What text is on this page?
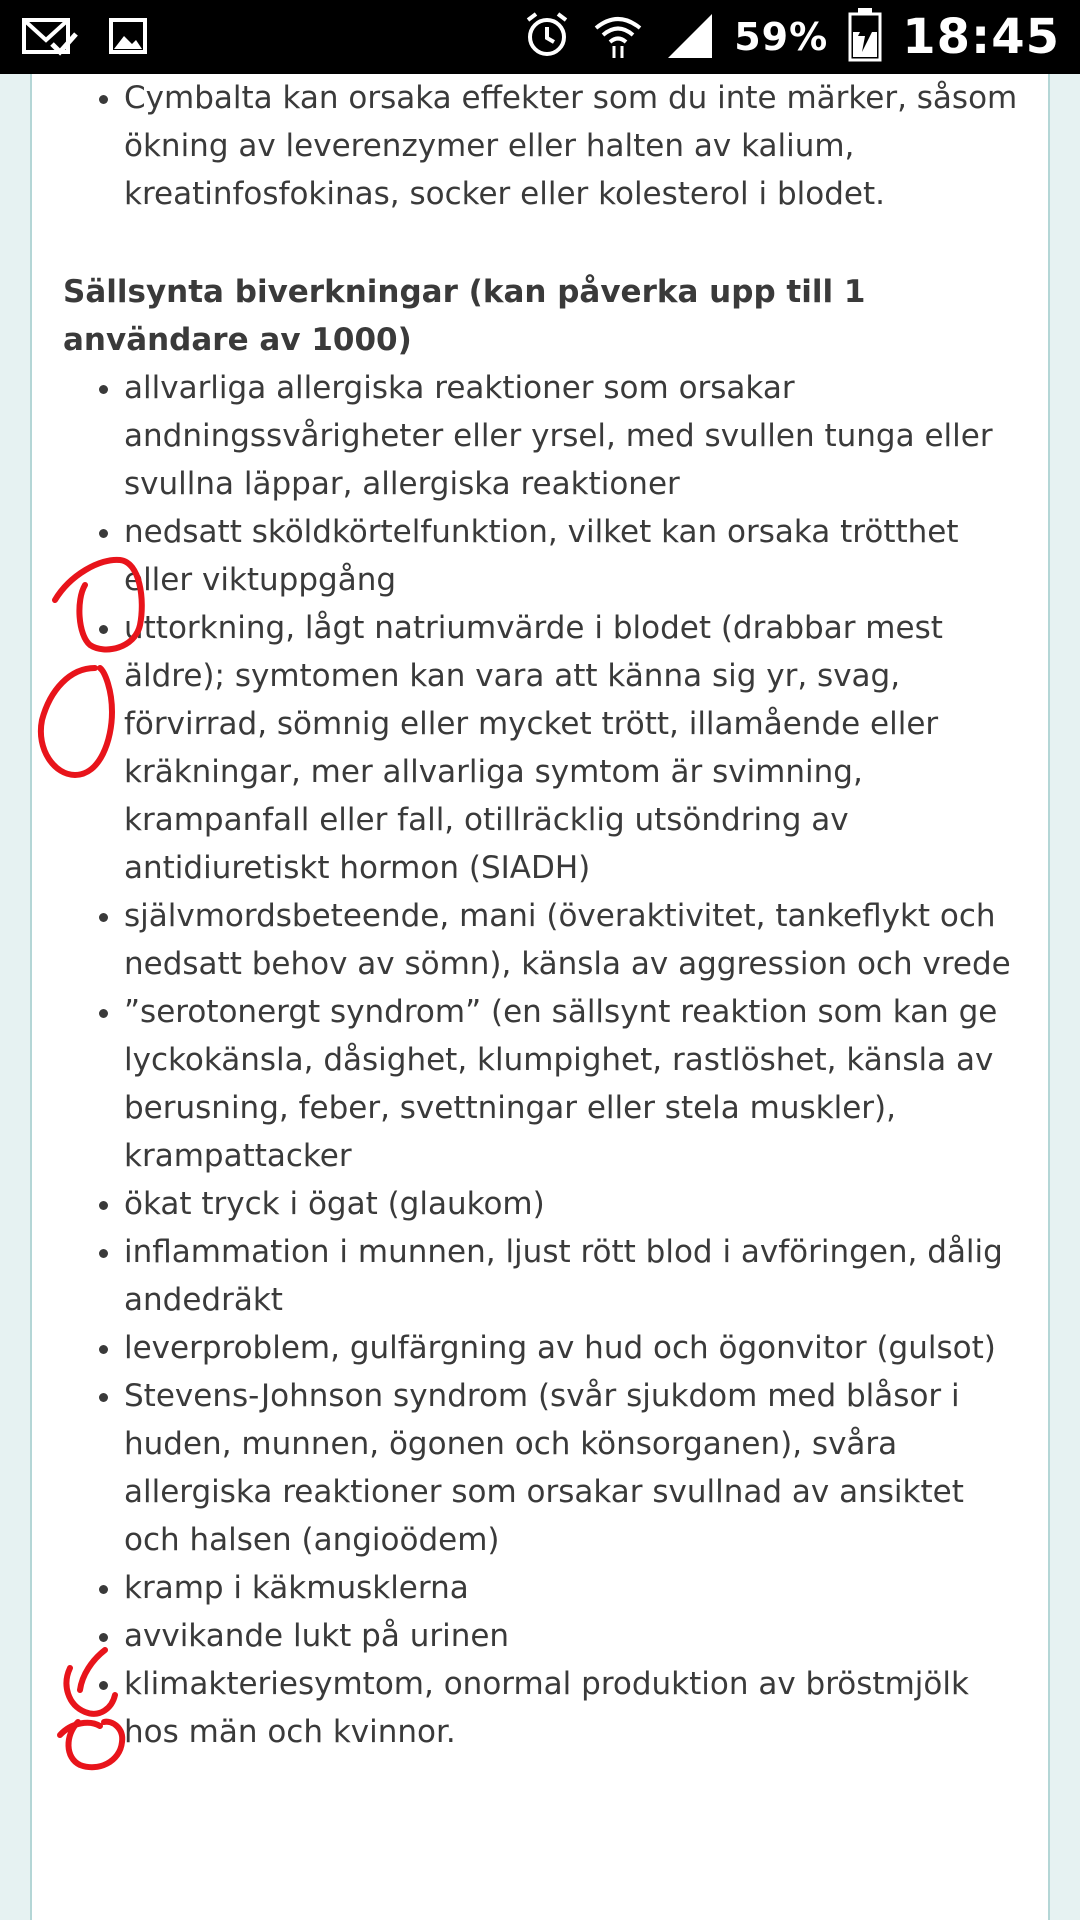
59% 18:45
• Cymbalta kan orsaka effekter som du inte märker, såsom ökning av leverenzymer eller halten av kalium, kreatinfosfokinas, socker eller kolesterol i blodet.
Sällsynta biverkningar (kan påverka upp till 1 användare av 1000)
• allvarliga allergiska reaktioner som orsakar andningssvårigheter eller yrsel, med svullen tunga eller svullna läppar, allergiska reaktioner
• nedsatt sköldkörtelfunktion, vilket kan orsaka trötthet eller viktuppgång
• uttorkning, lågt natriumvärde i blodet (drabbar mest äldre); symtomen kan vara att känna sig yr, svag, förvirrad, sömnig eller mycket trött, illamående eller kräkningar, mer allvarliga symtom är svimning, krampanfall eller fall, otillräcklig utsöndring av antidiuretiskt hormon (SIADH)
• självmordsbeteende, mani (överaktivitet, tankeflykt och nedsatt behov av sömn), känsla av aggression och vrede
• ”serotonergt syndrom” (en sällsynt reaktion som kan ge lyckokänsla, dåsighet, klumpighet, rastlöshet, känsla av berusning, feber, svettningar eller stela muskler), krampattacker
• ökat tryck i ögat (glaukom)
• inflammation i munnen, ljust rött blod i avföringen, dålig andedräkt
• leverproblem, gulfärgning av hud och ögonvitor (gulsot)
• Stevens-Johnson syndrom (svår sjukdom med blåsor i huden, munnen, ögonen och könsorganen), svåra allergiska reaktioner som orsakar svullnad av ansiktet och halsen (angioödem)
• kramp i käkmusklerna
• avvikande lukt på urinen
• klimakteriesymtom, onormal produktion av bröstmjölk hos män och kvinnor.
